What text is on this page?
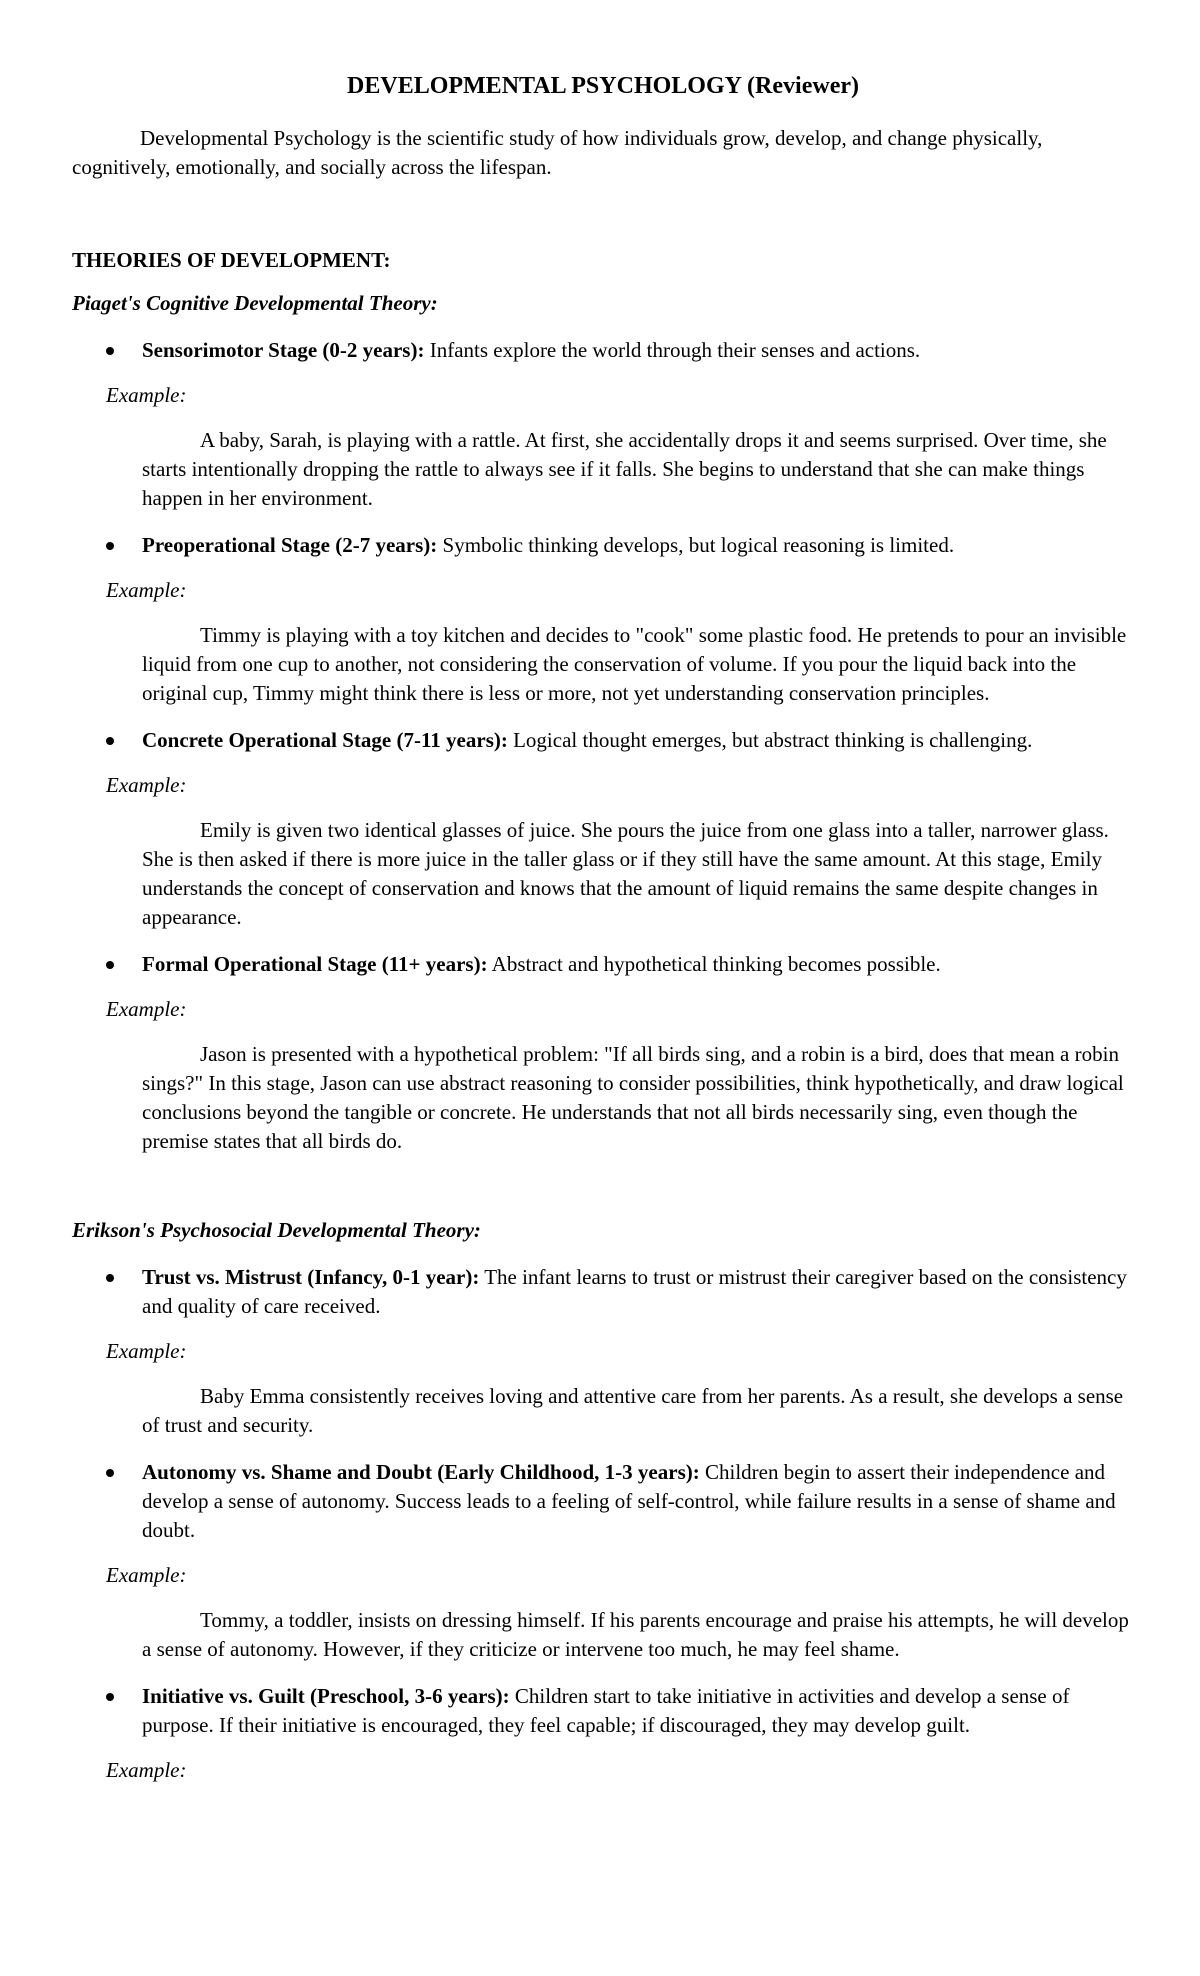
DEVELOPMENTAL PSYCHOLOGY (Reviewer)

Developmental Psychology is the scientific study of how individuals grow, develop, and change physically, cognitively, emotionally, and socially across the lifespan.

THEORIES OF DEVELOPMENT:
Piaget's Cognitive Developmental Theory:
Sensorimotor Stage (0-2 years): Infants explore the world through their senses and actions.
Example:

A baby, Sarah, is playing with a rattle. At first, she accidentally drops it and seems surprised. Over time, she starts intentionally dropping the rattle to always see if it falls. She begins to understand that she can make things happen in her environment.

Preoperational Stage (2-7 years): Symbolic thinking develops, but logical reasoning is limited.
Example:

Timmy is playing with a toy kitchen and decides to "cook" some plastic food. He pretends to pour an invisible liquid from one cup to another, not considering the conservation of volume. If you pour the liquid back into the original cup, Timmy might think there is less or more, not yet understanding conservation principles.

Concrete Operational Stage (7-11 years): Logical thought emerges, but abstract thinking is challenging.
Example:

Emily is given two identical glasses of juice. She pours the juice from one glass into a taller, narrower glass. She is then asked if there is more juice in the taller glass or if they still have the same amount. At this stage, Emily understands the concept of conservation and knows that the amount of liquid remains the same despite changes in appearance.

Formal Operational Stage (11+ years): Abstract and hypothetical thinking becomes possible.
Example:

Jason is presented with a hypothetical problem: "If all birds sing, and a robin is a bird, does that mean a robin sings?" In this stage, Jason can use abstract reasoning to consider possibilities, think hypothetically, and draw logical conclusions beyond the tangible or concrete. He understands that not all birds necessarily sing, even though the premise states that all birds do.

Erikson's Psychosocial Developmental Theory:
Trust vs. Mistrust (Infancy, 0-1 year): The infant learns to trust or mistrust their caregiver based on the consistency and quality of care received.
Example:

Baby Emma consistently receives loving and attentive care from her parents. As a result, she develops a sense of trust and security.

Autonomy vs. Shame and Doubt (Early Childhood, 1-3 years): Children begin to assert their independence and develop a sense of autonomy. Success leads to a feeling of self-control, while failure results in a sense of shame and doubt.
Example:

Tommy, a toddler, insists on dressing himself. If his parents encourage and praise his attempts, he will develop a sense of autonomy. However, if they criticize or intervene too much, he may feel shame.

Initiative vs. Guilt (Preschool, 3-6 years): Children start to take initiative in activities and develop a sense of purpose. If their initiative is encouraged, they feel capable; if discouraged, they may develop guilt.
Example:
